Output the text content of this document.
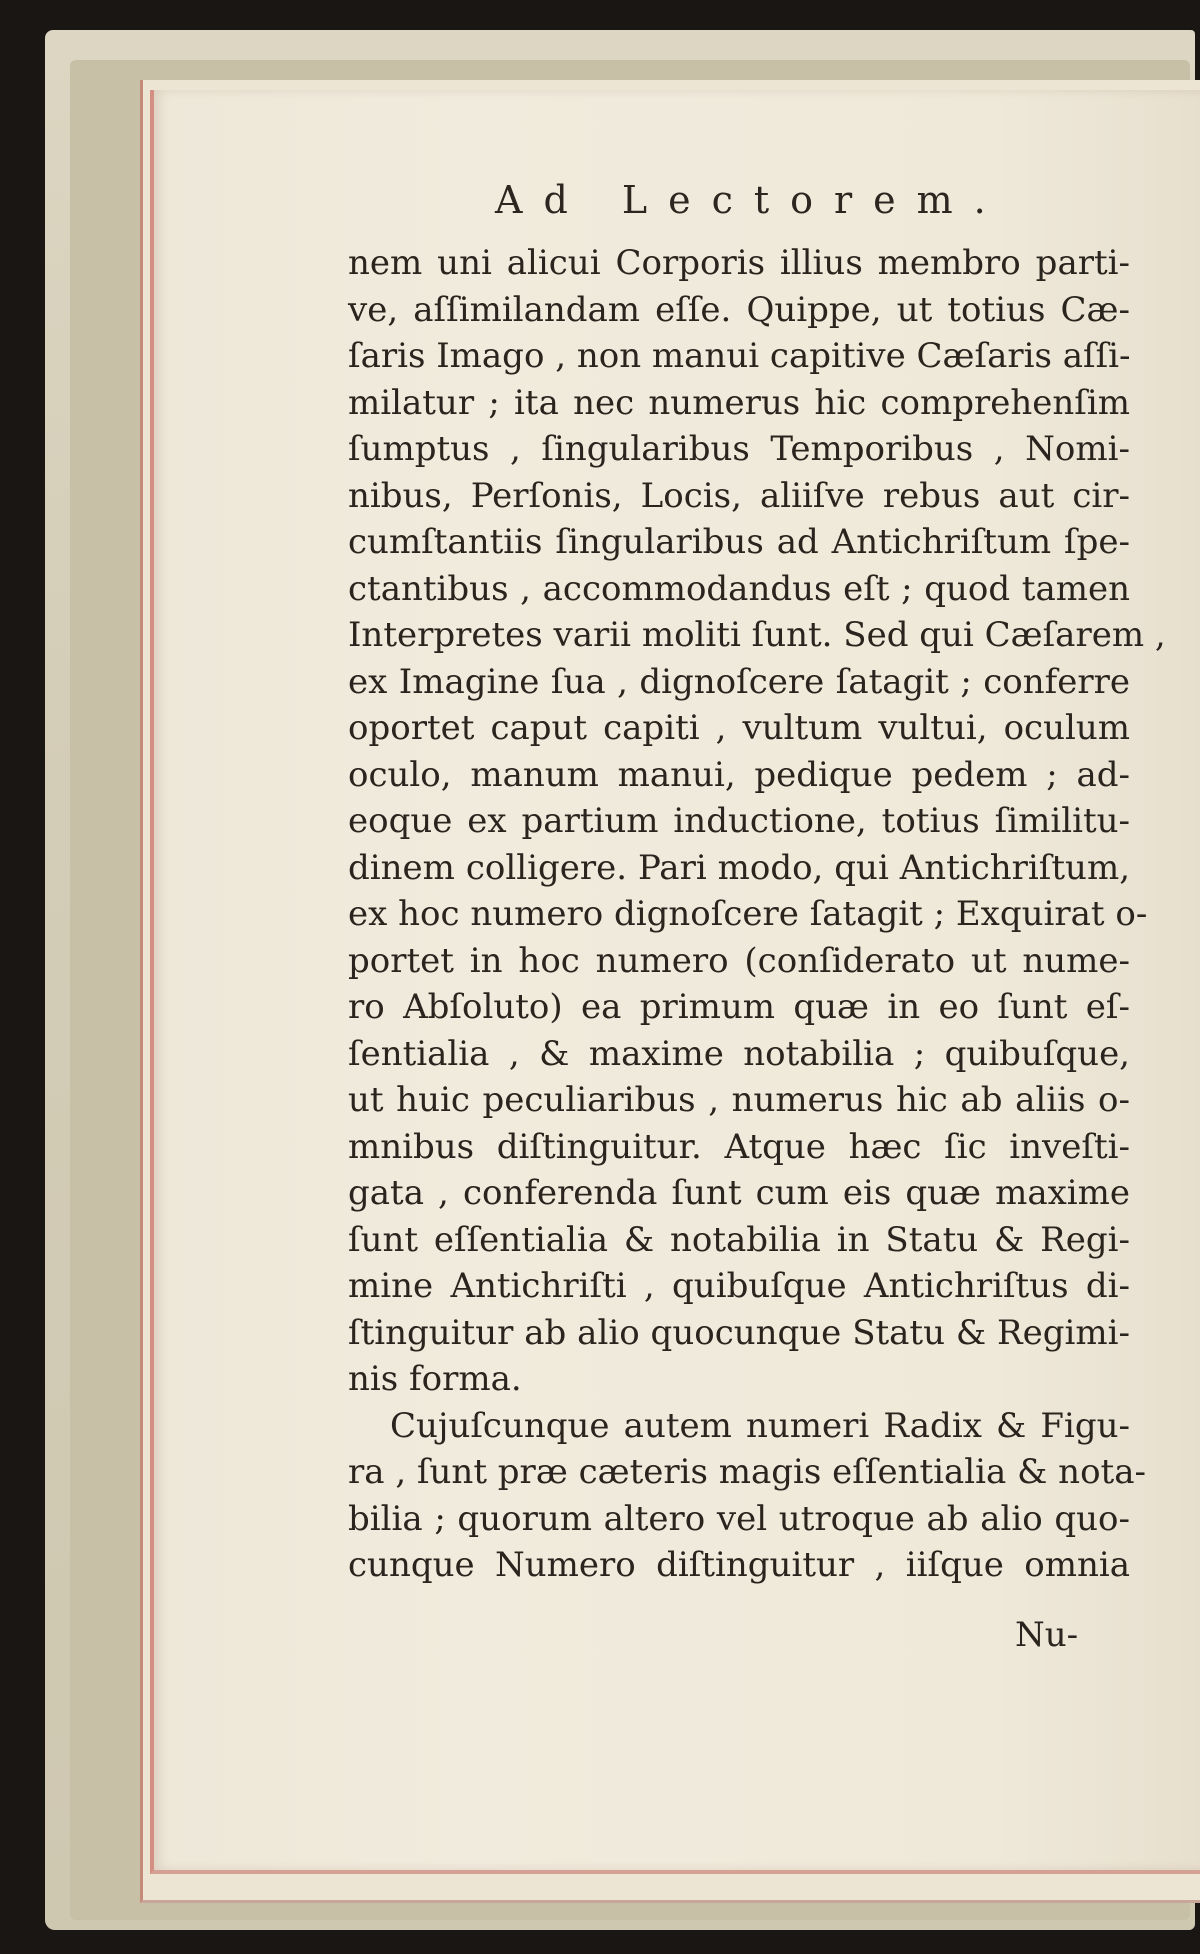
Ad Lectorem.
nem uni alicui Corporis illius membro parti-
ve, aſſimilandam eſſe. Quippe, ut totius Cæ-
ſaris Imago , non manui capitive Cæſaris aſſi-
milatur ; ita nec numerus hic comprehenſim
ſumptus , ſingularibus Temporibus , Nomi-
nibus, Perſonis, Locis, aliiſve rebus aut cir-
cumſtantiis ſingularibus ad Antichriſtum ſpe-
ctantibus , accommodandus eſt ; quod tamen
Interpretes varii moliti ſunt. Sed qui Cæſarem ,
ex Imagine ſua , dignoſcere ſatagit ; conferre
oportet caput capiti , vultum vultui, oculum
oculo, manum manui, pedique pedem ; ad-
eoque ex partium inductione, totius ſimilitu-
dinem colligere. Pari modo, qui Antichriſtum,
ex hoc numero dignoſcere ſatagit ; Exquirat o-
portet in hoc numero (conſiderato ut nume-
ro Abſoluto) ea primum quæ in eo ſunt eſ-
ſentialia , & maxime notabilia ; quibuſque,
ut huic peculiaribus , numerus hic ab aliis o-
mnibus diſtinguitur. Atque hæc ſic inveſti-
gata , conferenda ſunt cum eis quæ maxime
ſunt eſſentialia & notabilia in Statu & Regi-
mine Antichriſti , quibuſque Antichriſtus di-
ſtinguitur ab alio quocunque Statu & Regimi-
nis forma.
Cujuſcunque autem numeri Radix & Figu-
ra , ſunt præ cæteris magis eſſentialia & nota-
bilia ; quorum altero vel utroque ab alio quo-
cunque Numero diſtinguitur , iiſque omnia
Nu-
